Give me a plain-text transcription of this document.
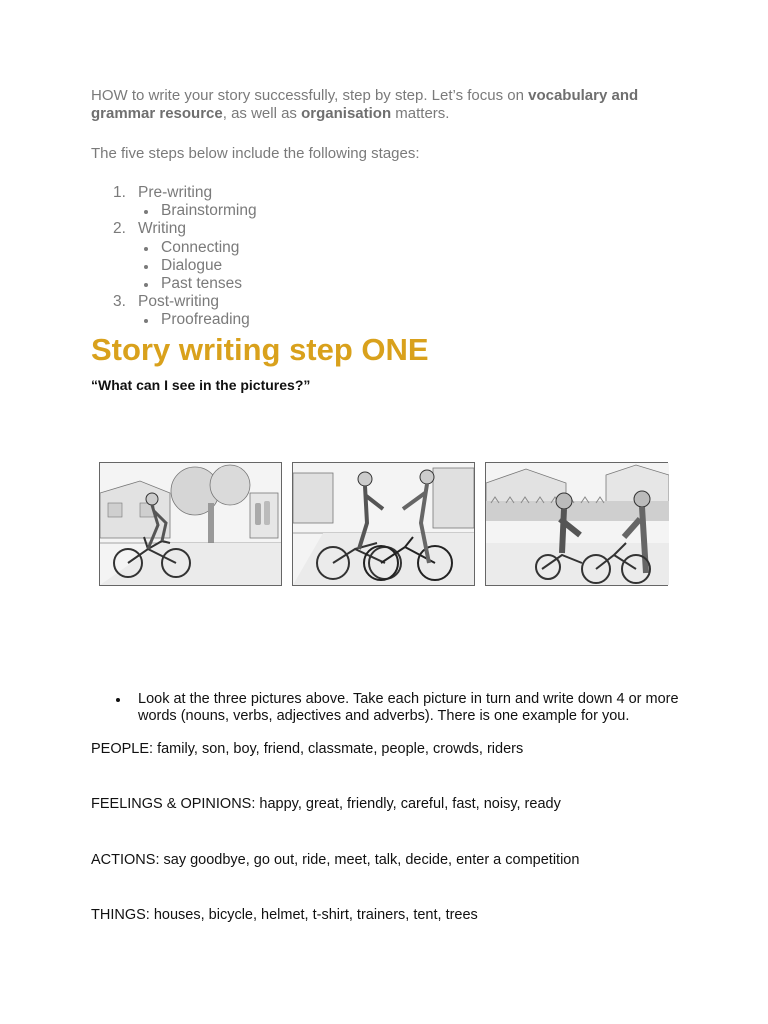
HOW to write your story successfully, step by step. Let’s focus on vocabulary and grammar resource, as well as organisation matters.
The five steps below include the following stages:
1. Pre-writing
Brainstorming
2. Writing
Connecting
Dialogue
Past tenses
3. Post-writing
Proofreading
Story writing step ONE
“What can I see in the pictures?”
Look at the three pictures above. Take each picture in turn and write down 4 or more words (nouns, verbs, adjectives and adverbs). There is one example for you.
PEOPLE: family, son, boy, friend, classmate, people, crowds, riders
FEELINGS & OPINIONS: happy, great, friendly, careful, fast, noisy, ready
ACTIONS: say goodbye, go out, ride, meet, talk, decide, enter a competition
THINGS: houses, bicycle, helmet, t-shirt, trainers, tent, trees
